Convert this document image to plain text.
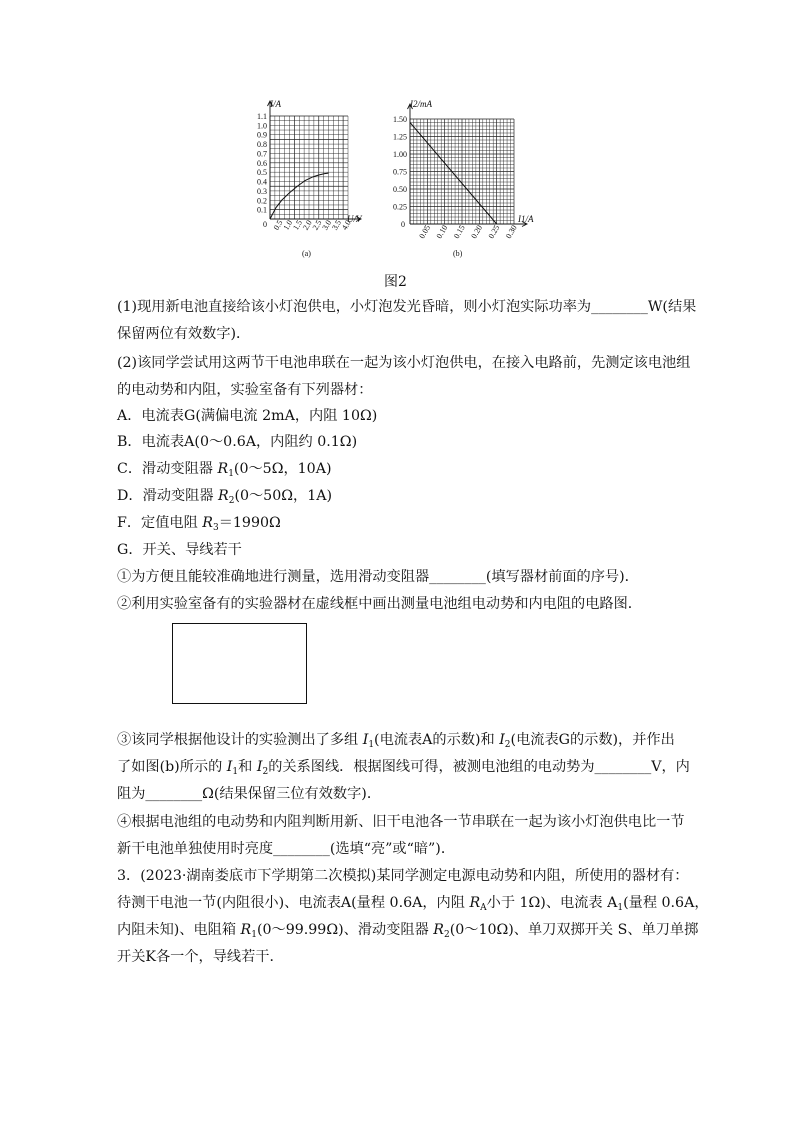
0.1
0.2
0.3
0.4
0.5
0.6
0.7
0.8
0.9
1.0
1.1
0.5
1.0
1.5
2.0
2.5
3.0
3.5
4.0
I/A
U/V
0
(a)
0.25
0.50
0.75
1.00
1.25
1.50
0.05 0.10 0.15 0.20 0.25 0.30
I2/mA
I1/A
0
(b)
图2
(1)现用新电池直接给该小灯泡供电，小灯泡发光昏暗，则小灯泡实际功率为________W(结果
保留两位有效数字)．
(2)该同学尝试用这两节干电池串联在一起为该小灯泡供电，在接入电路前，先测定该电池组
的电动势和内阻，实验室备有下列器材：
A．电流表G(满偏电流 2mA，内阻 10Ω)
B．电流表A(0～0.6A，内阻约 0.1Ω)
C．滑动变阻器 $R_1(0\sim 5\Omega$，10A)
D．滑动变阻器 $R_2(0\sim 50\Omega$，1A)
F．定值电阻 $R_3=1990\Omega$
G．开关、导线若干
①为方便且能较准确地进行测量，选用滑动变阻器________(填写器材前面的序号)．
②利用实验室备有的实验器材在虚线框中画出测量电池组电动势和内电阻的电路图．
③该同学根据他设计的实验测出了多组 $I_1$(电流表A的示数)和 $I_2$(电流表G的示数)，并作出
了如图(b)所示的 $I_1$和 $I_2$的关系图线．根据图线可得，被测电池组的电动势为________V，内
阻为________Ω(结果保留三位有效数字)．
④根据电池组的电动势和内阻判断用新、旧干电池各一节串联在一起为该小灯泡供电比一节
新干电池单独使用时亮度________(选填“亮”或“暗”)．
3．(2023·湖南娄底市下学期第二次模拟)某同学测定电源电动势和内阻，所使用的器材有：
待测干电池一节(内阻很小)、电流表A(量程 0.6A，内阻 $R_A$小于 1Ω)、电流表 $A_1$(量程 0.6A，
内阻未知)、电阻箱 $R_1(0\sim 99.99\Omega)$、滑动变阻器 $R_2(0\sim 10\Omega)$、单刀双掷开关 S、单刀单掷
开关K各一个，导线若干．
